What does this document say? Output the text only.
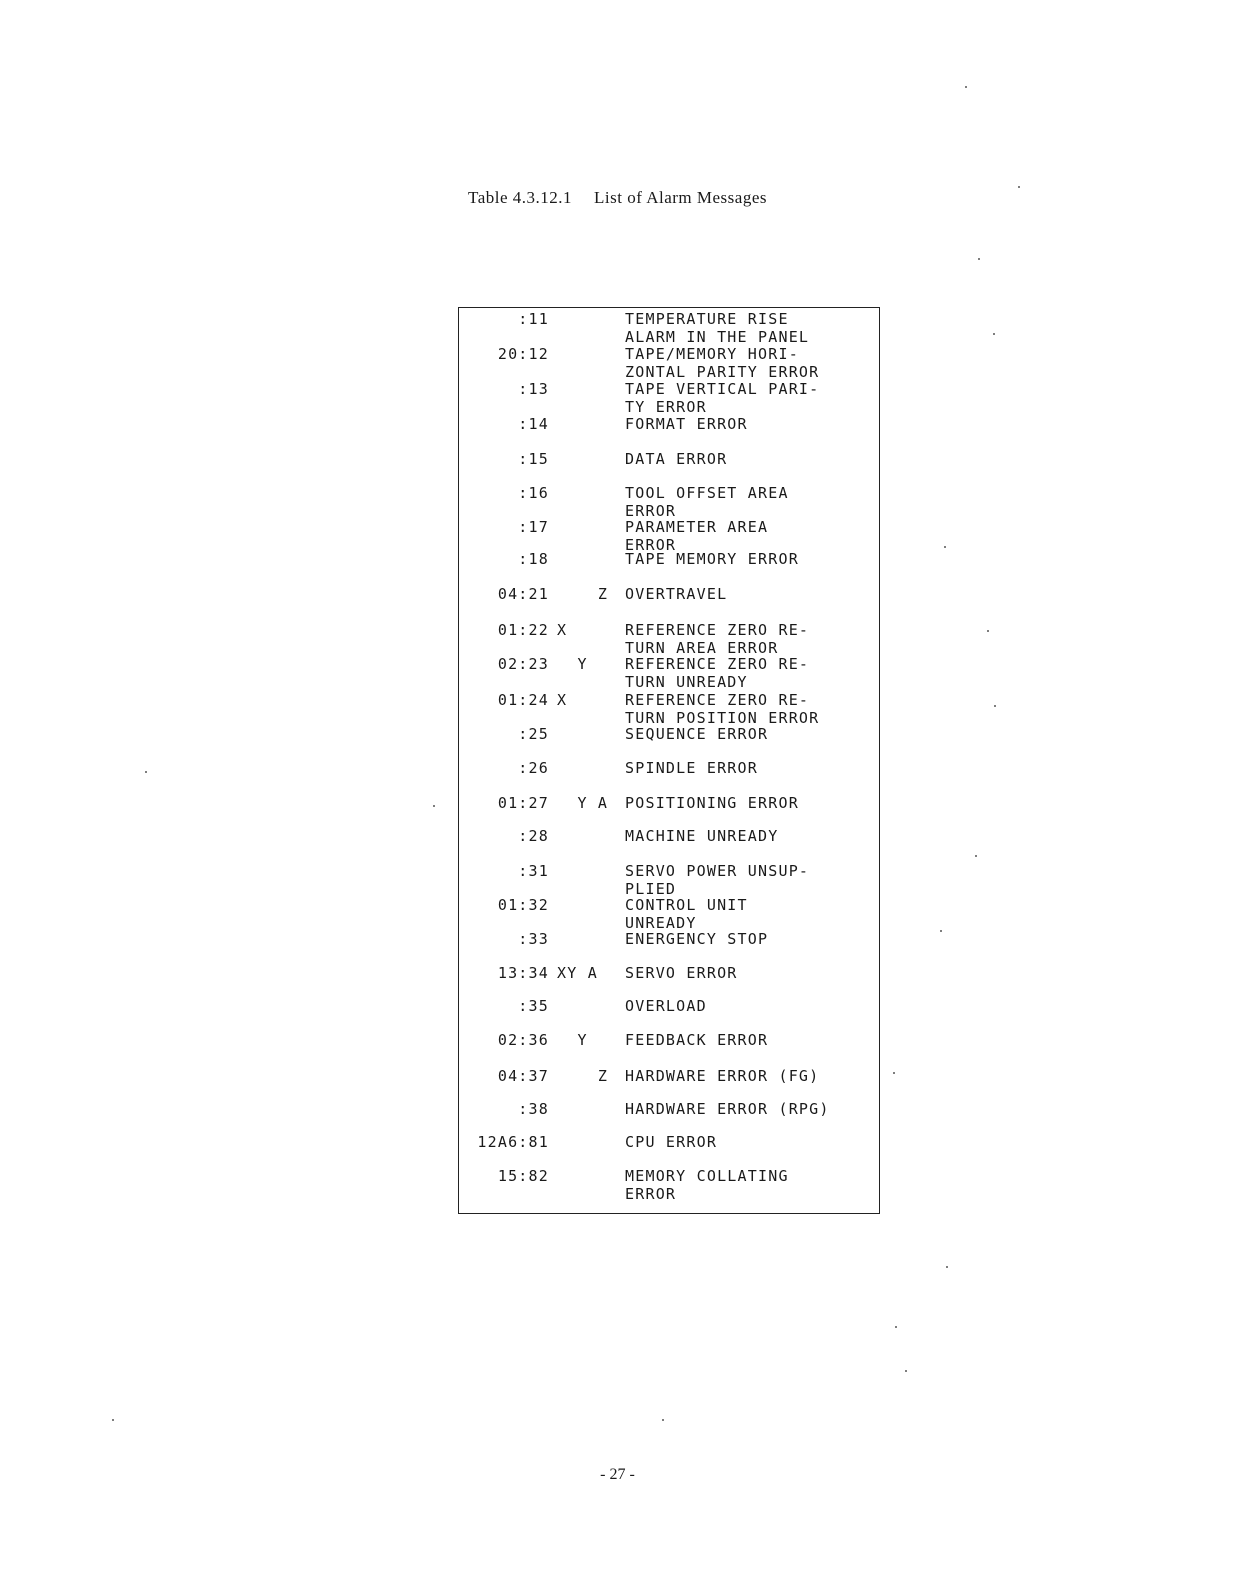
Table 4.3.12.1 List of Alarm Messages
:11	TEMPERATURE RISE
ALARM IN THE PANEL
20:12	TAPE/MEMORY HORI-
ZONTAL PARITY ERROR
:13	TAPE VERTICAL PARI-
TY ERROR
:14	FORMAT ERROR
:15	DATA ERROR
:16	TOOL OFFSET AREA
ERROR
:17	PARAMETER AREA
ERROR
:18	TAPE MEMORY ERROR
04:21 Z	OVERTRAVEL
01:22 X	REFERENCE ZERO RE-
TURN AREA ERROR
02:23 Y	REFERENCE ZERO RE-
TURN UNREADY
01:24 X	REFERENCE ZERO RE-
TURN POSITION ERROR
:25	SEQUENCE ERROR
:26	SPINDLE ERROR
01:27 Y A	POSITIONING ERROR
:28	MACHINE UNREADY
:31	SERVO POWER UNSUP-
PLIED
01:32	CONTROL UNIT
UNREADY
:33	ENERGENCY STOP
13:34 XY A	SERVO ERROR
:35	OVERLOAD
02:36 Y	FEEDBACK ERROR
04:37 Z	HARDWARE ERROR (FG)
:38	HARDWARE ERROR (RPG)
12A6:81	CPU ERROR
15:82	MEMORY COLLATING
ERROR
- 27 -
